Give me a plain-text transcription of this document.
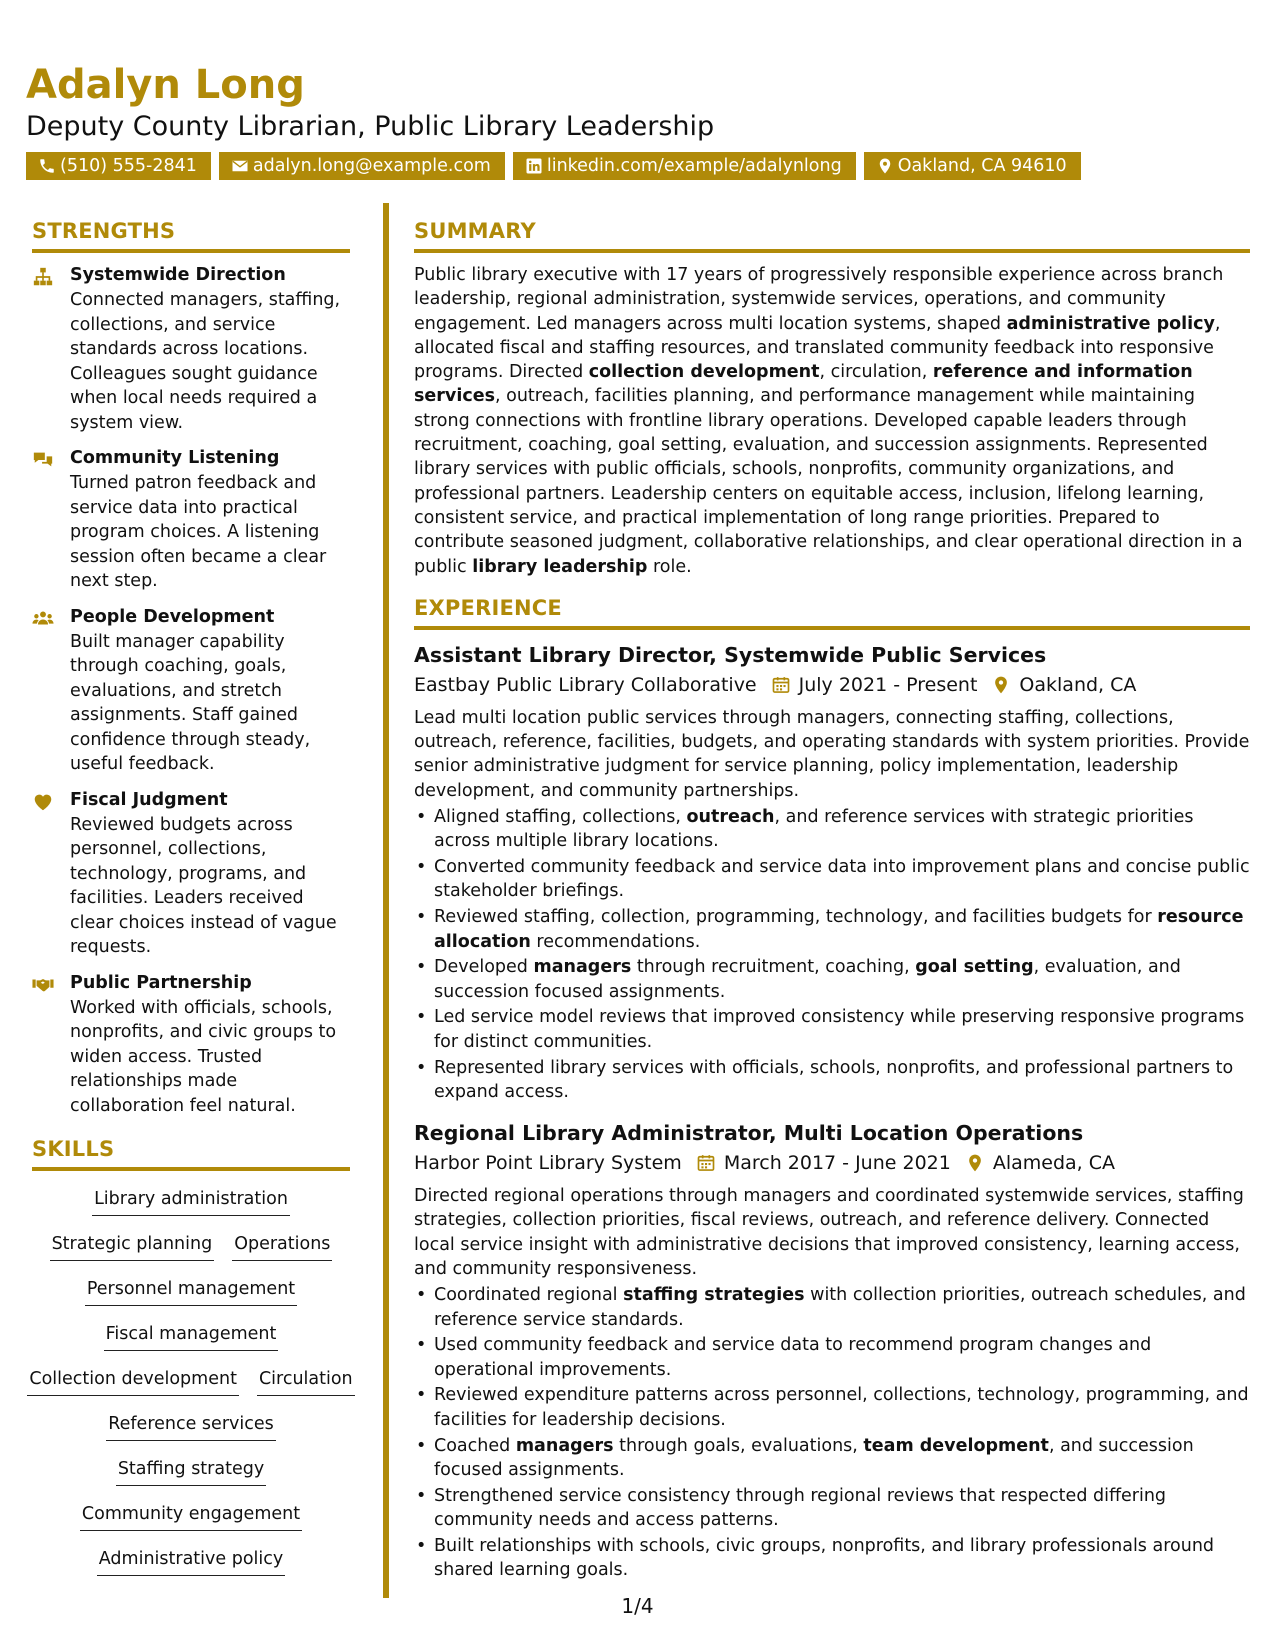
Adalyn Long
Deputy County Librarian, Public Library Leadership
(510) 555-2841	adalyn.long@example.com	linkedin.com/example/adalynlong	Oakland, CA 94610
STRENGTHS
Systemwide Direction
Connected managers, staffing, collections, and service standards across locations. Colleagues sought guidance when local needs required a system view.
Community Listening
Turned patron feedback and service data into practical program choices. A listening session often became a clear next step.
People Development
Built manager capability through coaching, goals, evaluations, and stretch assignments. Staff gained confidence through steady, useful feedback.
Fiscal Judgment
Reviewed budgets across personnel, collections, technology, programs, and facilities. Leaders received clear choices instead of vague requests.
Public Partnership
Worked with officials, schools, nonprofits, and civic groups to widen access. Trusted relationships made collaboration feel natural.
SKILLS
Library administration
Strategic planning Operations
Personnel management
Fiscal management
Collection development Circulation
Reference services
Staffing strategy
Community engagement
Administrative policy
SUMMARY
Public library executive with 17 years of progressively responsible experience across branch leadership, regional administration, systemwide services, operations, and community engagement. Led managers across multi location systems, shaped administrative policy, allocated fiscal and staffing resources, and translated community feedback into responsive programs. Directed collection development, circulation, reference and information services, outreach, facilities planning, and performance management while maintaining strong connections with frontline library operations. Developed capable leaders through recruitment, coaching, goal setting, evaluation, and succession assignments. Represented library services with public officials, schools, nonprofits, community organizations, and professional partners. Leadership centers on equitable access, inclusion, lifelong learning, consistent service, and practical implementation of long range priorities. Prepared to contribute seasoned judgment, collaborative relationships, and clear operational direction in a public library leadership role.
EXPERIENCE
Assistant Library Director, Systemwide Public Services
Eastbay Public Library Collaborative July 2021 - Present Oakland, CA
Lead multi location public services through managers, connecting staffing, collections, outreach, reference, facilities, budgets, and operating standards with system priorities. Provide senior administrative judgment for service planning, policy implementation, leadership development, and community partnerships.
• Aligned staffing, collections, outreach, and reference services with strategic priorities across multiple library locations.
• Converted community feedback and service data into improvement plans and concise public stakeholder briefings.
• Reviewed staffing, collection, programming, technology, and facilities budgets for resource allocation recommendations.
• Developed managers through recruitment, coaching, goal setting, evaluation, and succession focused assignments.
• Led service model reviews that improved consistency while preserving responsive programs for distinct communities.
• Represented library services with officials, schools, nonprofits, and professional partners to expand access.
Regional Library Administrator, Multi Location Operations
Harbor Point Library System March 2017 - June 2021 Alameda, CA
Directed regional operations through managers and coordinated systemwide services, staffing strategies, collection priorities, fiscal reviews, outreach, and reference delivery. Connected local service insight with administrative decisions that improved consistency, learning access, and community responsiveness.
• Coordinated regional staffing strategies with collection priorities, outreach schedules, and reference service standards.
• Used community feedback and service data to recommend program changes and operational improvements.
• Reviewed expenditure patterns across personnel, collections, technology, programming, and facilities for leadership decisions.
• Coached managers through goals, evaluations, team development, and succession focused assignments.
• Strengthened service consistency through regional reviews that respected differing community needs and access patterns.
• Built relationships with schools, civic groups, nonprofits, and library professionals around shared learning goals.
1/4
